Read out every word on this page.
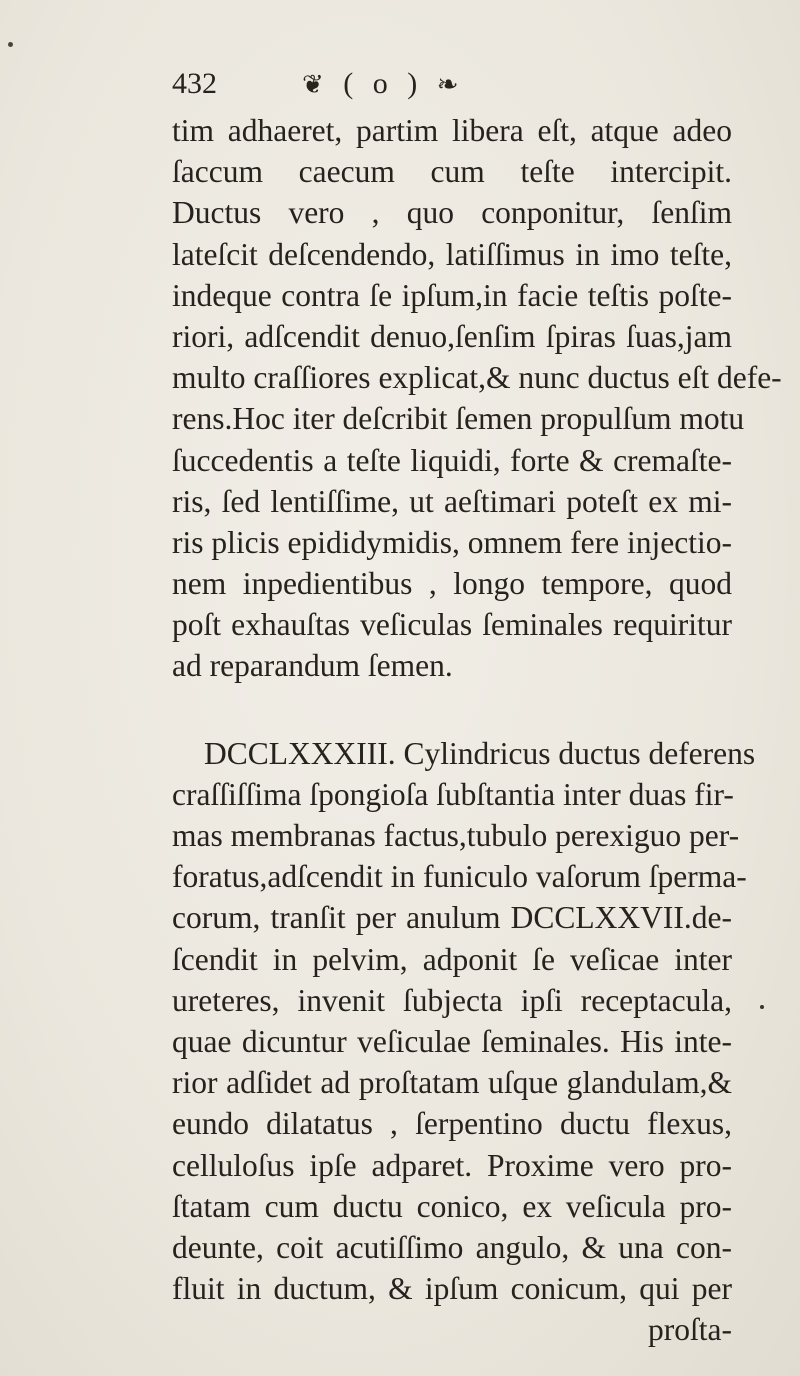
432	❦ ( o ) ❧
tim adhaeret, partim libera eſt, atque adeo
ſaccum caecum cum teſte intercipit.
Ductus vero , quo conponitur, ſenſim
lateſcit deſcendendo, latiſſimus in imo teſte,
indeque contra ſe ipſum,in facie teſtis poſte-
riori, adſcendit denuo,ſenſim ſpiras ſuas,jam
multo craſſiores explicat,& nunc ductus eſt defe-
rens.Hoc iter deſcribit ſemen propulſum motu
ſuccedentis a teſte liquidi, forte & cremaſte-
ris, ſed lentiſſime, ut aeſtimari poteſt ex mi-
ris plicis epididymidis, omnem fere injectio-
nem inpedientibus , longo tempore, quod
poſt exhauſtas veſiculas ſeminales requiritur
ad reparandum ſemen.
DCCLXXXIII. Cylindricus ductus deferens
craſſiſſima ſpongioſa ſubſtantia inter duas fir-
mas membranas factus,tubulo perexiguo per-
foratus,adſcendit in funiculo vaſorum ſperma-
corum, tranſit per anulum DCCLXXVII.de-
ſcendit in pelvim, adponit ſe veſicae inter
ureteres, invenit ſubjecta ipſi receptacula,
quae dicuntur veſiculae ſeminales. His inte-
rior adſidet ad proſtatam uſque glandulam,&
eundo dilatatus , ſerpentino ductu flexus,
celluloſus ipſe adparet. Proxime vero pro-
ſtatam cum ductu conico, ex veſicula pro-
deunte, coit acutiſſimo angulo, & una con-
fluit in ductum, & ipſum conicum, qui per
proſta-
